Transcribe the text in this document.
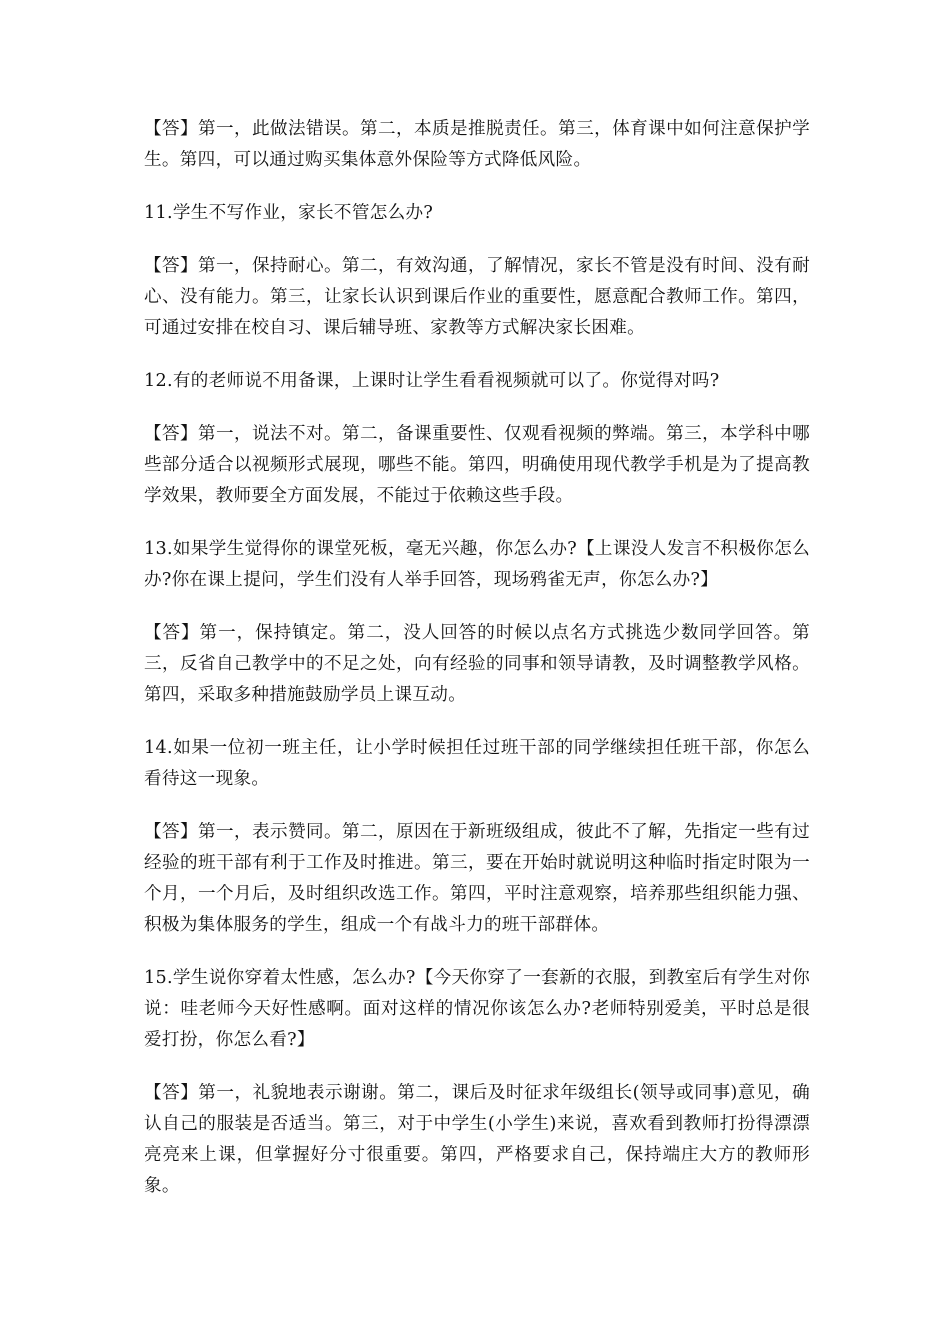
【答】第一，此做法错误。第二，本质是推脱责任。第三，体育课中如何注意保护学生。第四，可以通过购买集体意外保险等方式降低风险。

11.学生不写作业，家长不管怎么办?

【答】第一，保持耐心。第二，有效沟通，了解情况，家长不管是没有时间、没有耐心、没有能力。第三，让家长认识到课后作业的重要性，愿意配合教师工作。第四，可通过安排在校自习、课后辅导班、家教等方式解决家长困难。

12.有的老师说不用备课，上课时让学生看看视频就可以了。你觉得对吗?

【答】第一，说法不对。第二，备课重要性、仅观看视频的弊端。第三，本学科中哪些部分适合以视频形式展现，哪些不能。第四，明确使用现代教学手机是为了提高教学效果，教师要全方面发展，不能过于依赖这些手段。

13.如果学生觉得你的课堂死板，毫无兴趣，你怎么办?【上课没人发言不积极你怎么办?你在课上提问，学生们没有人举手回答，现场鸦雀无声，你怎么办?】

【答】第一，保持镇定。第二，没人回答的时候以点名方式挑选少数同学回答。第三，反省自己教学中的不足之处，向有经验的同事和领导请教，及时调整教学风格。第四，采取多种措施鼓励学员上课互动。

14.如果一位初一班主任，让小学时候担任过班干部的同学继续担任班干部，你怎么看待这一现象。

【答】第一，表示赞同。第二，原因在于新班级组成，彼此不了解，先指定一些有过经验的班干部有利于工作及时推进。第三，要在开始时就说明这种临时指定时限为一个月，一个月后，及时组织改选工作。第四，平时注意观察，培养那些组织能力强、积极为集体服务的学生，组成一个有战斗力的班干部群体。

15.学生说你穿着太性感，怎么办?【今天你穿了一套新的衣服，到教室后有学生对你说：哇老师今天好性感啊。面对这样的情况你该怎么办?老师特别爱美，平时总是很爱打扮，你怎么看?】

【答】第一，礼貌地表示谢谢。第二，课后及时征求年级组长(领导或同事)意见，确认自己的服装是否适当。第三，对于中学生(小学生)来说，喜欢看到教师打扮得漂漂亮亮来上课，但掌握好分寸很重要。第四，严格要求自己，保持端庄大方的教师形象。
